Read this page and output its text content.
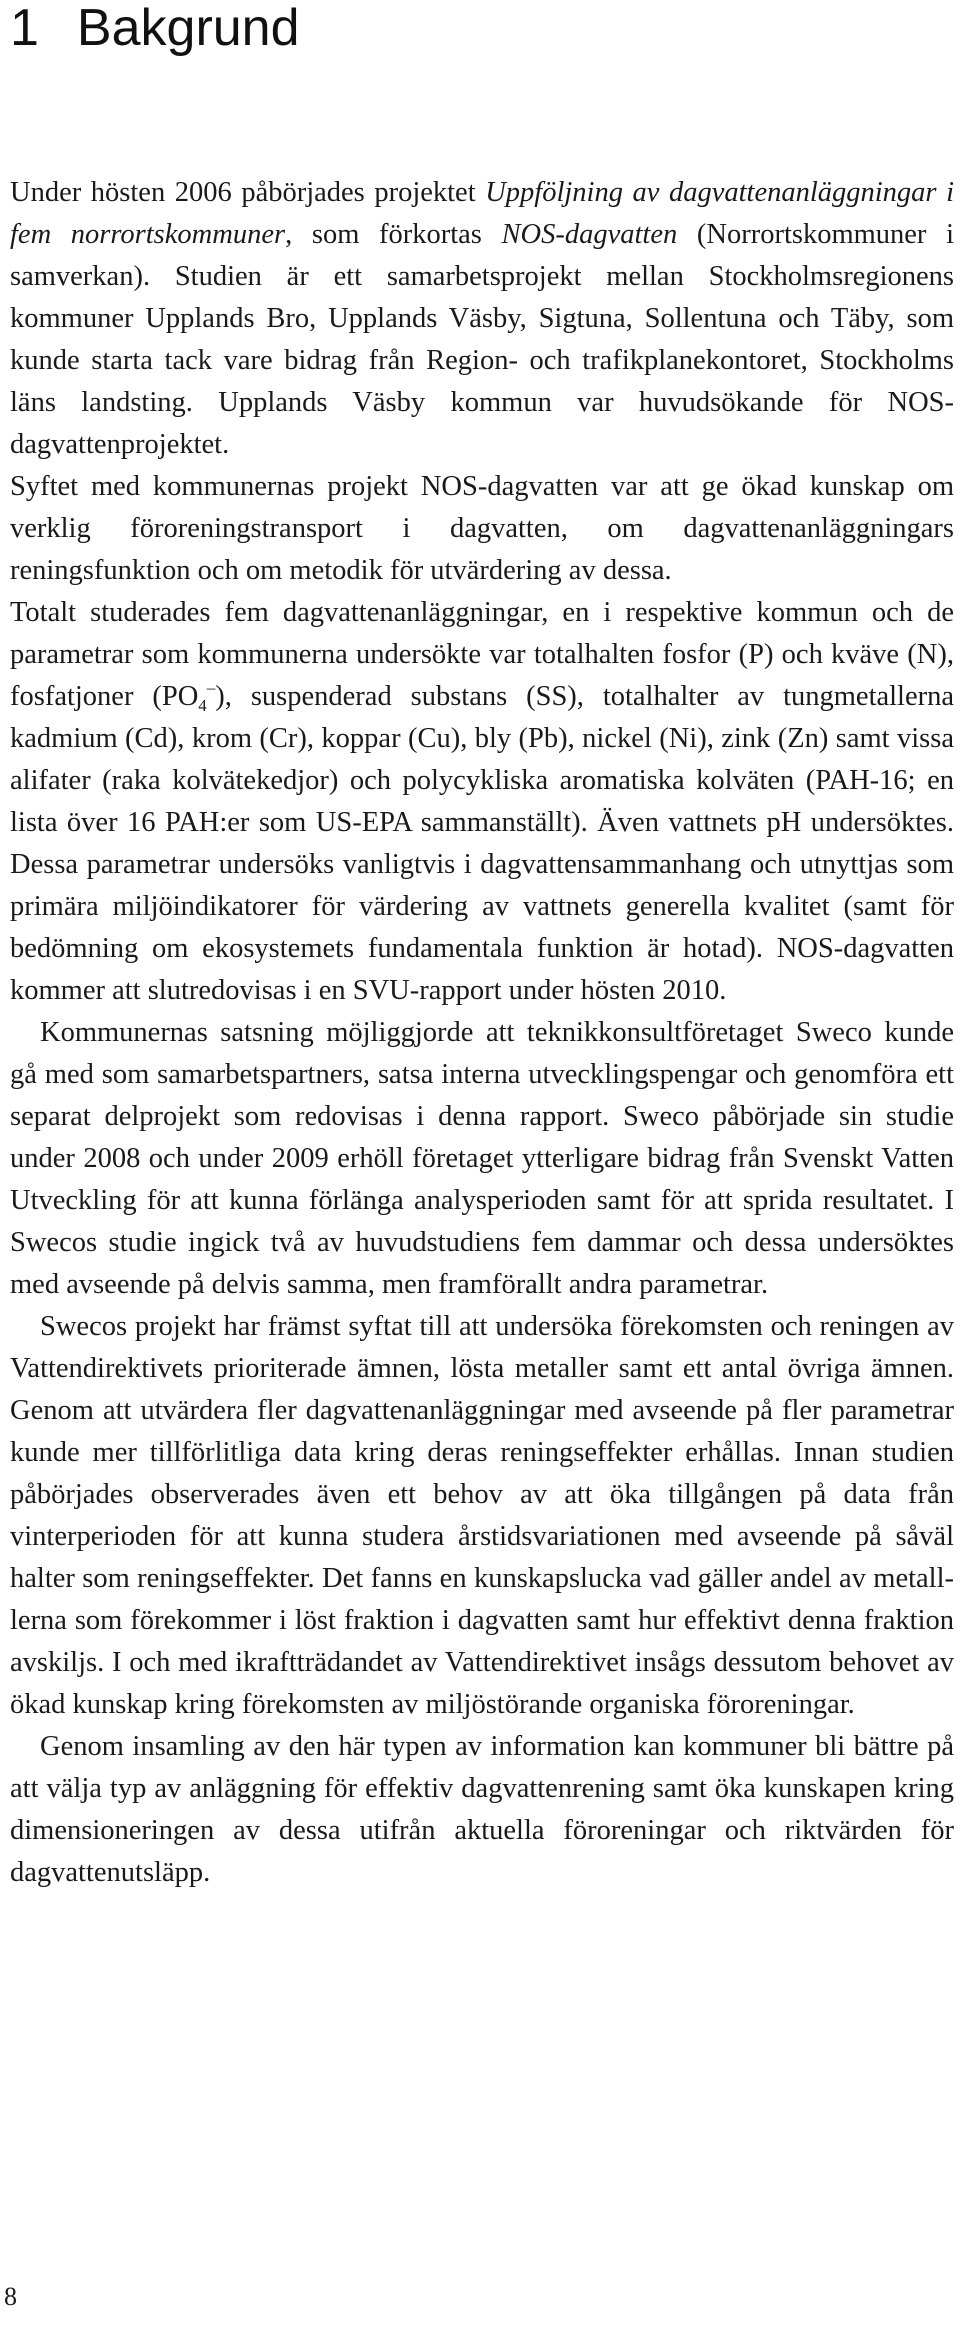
1 Bakgrund

Under hösten 2006 påbörjades projektet Uppföljning av dagvattenanläggningar i fem norrortskommuner, som förkortas NOS-dagvatten (Norrortskommuner i samverkan). Studien är ett samarbetsprojekt mellan Stockholmsregionens kommuner Upplands Bro, Upplands Väsby, Sigtuna, Sollentuna och Täby, som kunde starta tack vare bidrag från Region- och trafikplanekontoret, Stockholms läns landsting. Upplands Väsby kommun var huvudsökande för NOS-dagvattenprojektet.

Syftet med kommunernas projekt NOS-dagvatten var att ge ökad kunskap om verklig föroreningstransport i dagvatten, om dagvattenanläggningars reningsfunktion och om metodik för utvärdering av dessa.

Totalt studerades fem dagvattenanläggningar, en i respektive kommun och de parametrar som kommunerna undersökte var totalhalten fosfor (P) och kväve (N), fosfatjoner $(PO_4^-)$, suspenderad substans (SS), totalhalter av tungmetallerna kadmium (Cd), krom (Cr), koppar (Cu), bly (Pb), nickel (Ni), zink (Zn) samt vissa alifater (raka kolvätekedjor) och polycykliska aromatiska kolväten (PAH-16; en lista över 16 PAH:er som US-EPA sammanställt). Även vattnets pH undersöktes. Dessa parametrar undersöks vanligtvis i dagvattensammanhang och utnyttjas som primära miljöindikatorer för värdering av vattnets generella kvalitet (samt för bedömning om ekosystemets fundamentala funktion är hotad). NOS-dagvatten kommer att slutredovisas i en SVU-rapport under hösten 2010.

Kommunernas satsning möjliggjorde att teknikkonsultföretaget Sweco kunde gå med som samarbetspartners, satsa interna utvecklingspengar och genomföra ett separat delprojekt som redovisas i denna rapport. Sweco påbörjade sin studie under 2008 och under 2009 erhöll företaget ytterligare bidrag från Svenskt Vatten Utveckling för att kunna förlänga analysperioden samt för att sprida resultatet. I Swecos studie ingick två av huvudstudiens fem dammar och dessa undersöktes med avseende på delvis samma, men framförallt andra parametrar.

Swecos projekt har främst syftat till att undersöka förekomsten och reningen av Vattendirektivets prioriterade ämnen, lösta metaller samt ett antal övriga ämnen. Genom att utvärdera fler dagvattenanläggningar med avseende på fler parametrar kunde mer tillförlitliga data kring deras reningseffekter erhållas. Innan studien påbörjades observerades även ett behov av att öka tillgången på data från vinterperioden för att kunna studera årstidsvariationen med avseende på såväl halter som reningseffekter. Det fanns en kunskapslucka vad gäller andel av metalllerna som förekommer i löst fraktion i dagvatten samt hur effektivt denna fraktion avskiljs. I och med ikraftträdandet av Vattendirektivet insågs dessutom behovet av ökad kunskap kring förekomsten av miljöstörande organiska föroreningar.

Genom insamling av den här typen av information kan kommuner bli bättre på att välja typ av anläggning för effektiv dagvattenrening samt öka kunskapen kring dimensioneringen av dessa utifrån aktuella föroreningar och riktvärden för dagvattenutsläpp.

8
